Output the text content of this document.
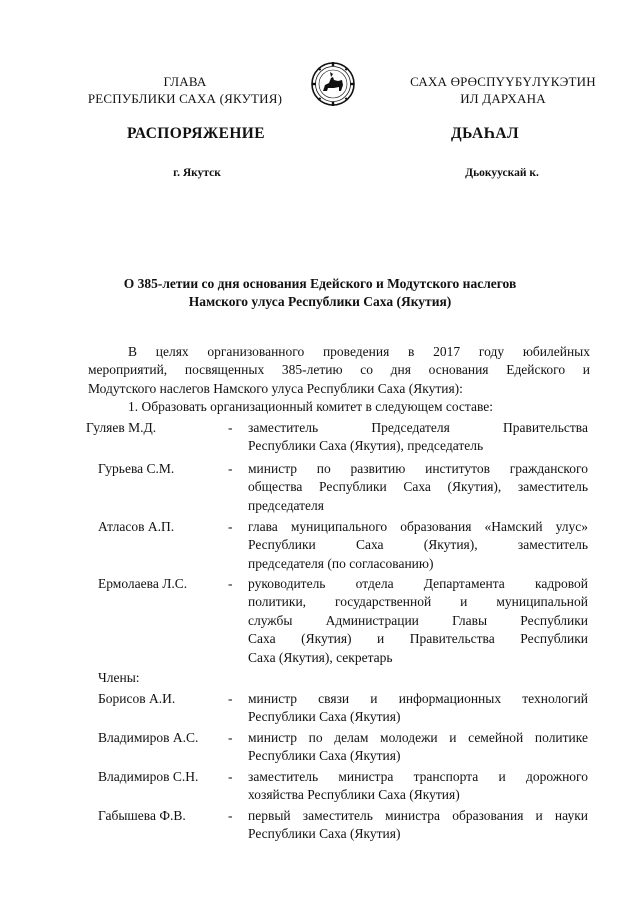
ГЛАВА
РЕСПУБЛИКИ САХА (ЯКУТИЯ)
САХА ӨРӨСПҮҮБҮЛҮКЭТИН
ИЛ ДАРХАНА
РАСПОРЯЖЕНИЕ	ДЬАҺАЛ
г. Якутск	Дьокуускай к.
О 385-летии со дня основания Едейского и Модутского наслегов
Намского улуса Республики Саха (Якутия)
В целях организованного проведения в 2017 году юбилейных
мероприятий, посвященных 385-летию со дня основания Едейского и
Модутского наслегов Намского улуса Республики Саха (Якутия):
1. Образовать организационный комитет в следующем составе:
Гуляев М.Д.	- заместитель Председателя Правительства
Республики Саха (Якутия), председатель
Гурьева С.М.	- министр по развитию институтов гражданского
общества Республики Саха (Якутия), заместитель
председателя
Атласов А.П.	- глава муниципального образования «Намский улус»
Республики Саха (Якутия), заместитель
председателя (по согласованию)
Ермолаева Л.С.	- руководитель отдела Департамента кадровой
политики, государственной и муниципальной
службы Администрации Главы Республики
Саха (Якутия) и Правительства Республики
Саха (Якутия), секретарь
Члены:
Борисов А.И.	- министр связи и информационных технологий
Республики Саха (Якутия)
Владимиров А.С. - министр по делам молодежи и семейной политике
Республики Саха (Якутия)
Владимиров С.Н. - заместитель министра транспорта и дорожного
хозяйства Республики Саха (Якутия)
Габышева Ф.В.	- первый заместитель министра образования и науки
Республики Саха (Якутия)
